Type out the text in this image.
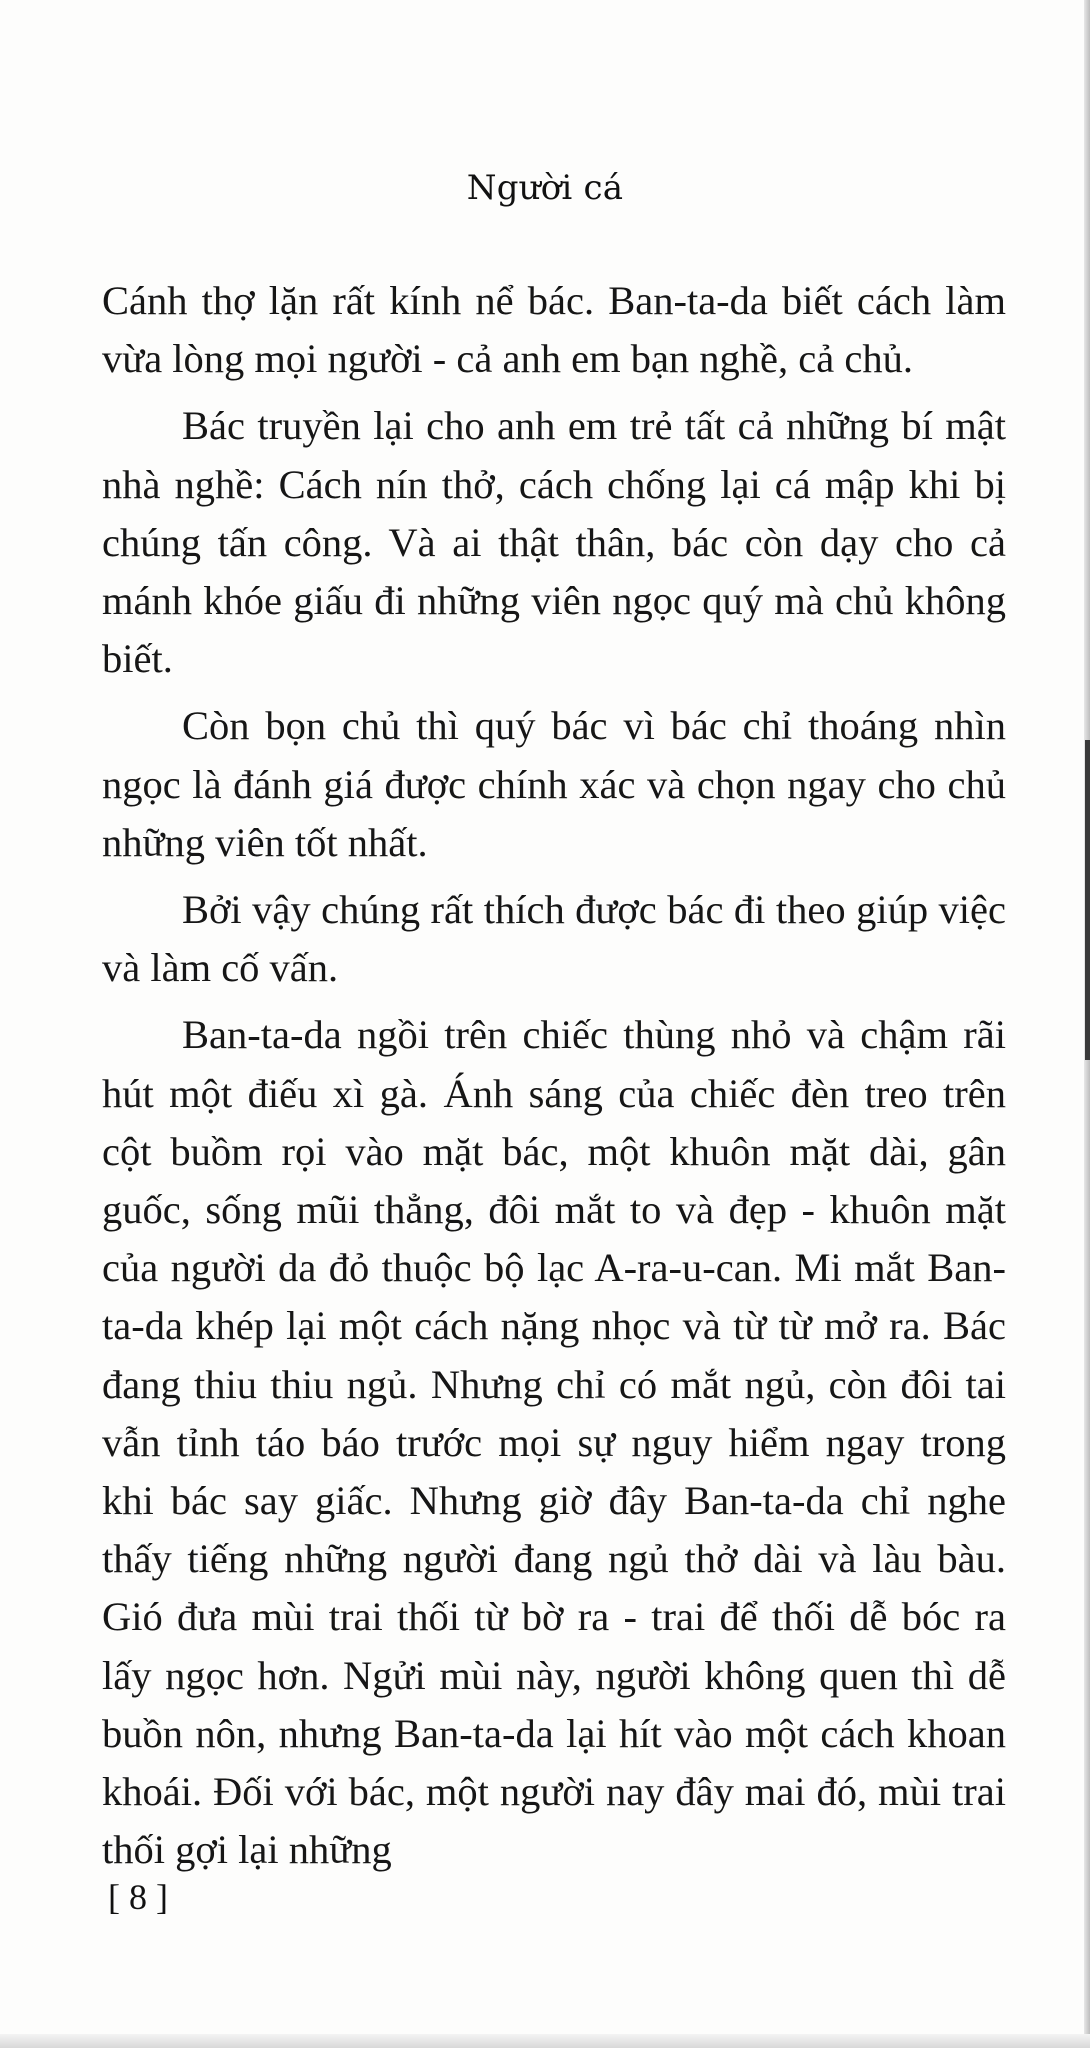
Người cá

Cánh thợ lặn rất kính nể bác. Ban-ta-da biết cách làm vừa lòng mọi người - cả anh em bạn nghề, cả chủ.

Bác truyền lại cho anh em trẻ tất cả những bí mật nhà nghề: Cách nín thở, cách chống lại cá mập khi bị chúng tấn công. Và ai thật thân, bác còn dạy cho cả mánh khóe giấu đi những viên ngọc quý mà chủ không biết.

Còn bọn chủ thì quý bác vì bác chỉ thoáng nhìn ngọc là đánh giá được chính xác và chọn ngay cho chủ những viên tốt nhất.

Bởi vậy chúng rất thích được bác đi theo giúp việc và làm cố vấn.

Ban-ta-da ngồi trên chiếc thùng nhỏ và chậm rãi hút một điếu xì gà. Ánh sáng của chiếc đèn treo trên cột buồm rọi vào mặt bác, một khuôn mặt dài, gân guốc, sống mũi thẳng, đôi mắt to và đẹp - khuôn mặt của người da đỏ thuộc bộ lạc A-ra-u-can. Mi mắt Ban-ta-da khép lại một cách nặng nhọc và từ từ mở ra. Bác đang thiu thiu ngủ. Nhưng chỉ có mắt ngủ, còn đôi tai vẫn tỉnh táo báo trước mọi sự nguy hiểm ngay trong khi bác say giấc. Nhưng giờ đây Ban-ta-da chỉ nghe thấy tiếng những người đang ngủ thở dài và làu bàu. Gió đưa mùi trai thối từ bờ ra - trai để thối dễ bóc ra lấy ngọc hơn. Ngửi mùi này, người không quen thì dễ buồn nôn, nhưng Ban-ta-da lại hít vào một cách khoan khoái. Đối với bác, một người nay đây mai đó, mùi trai thối gợi lại những

[ 8 ]
